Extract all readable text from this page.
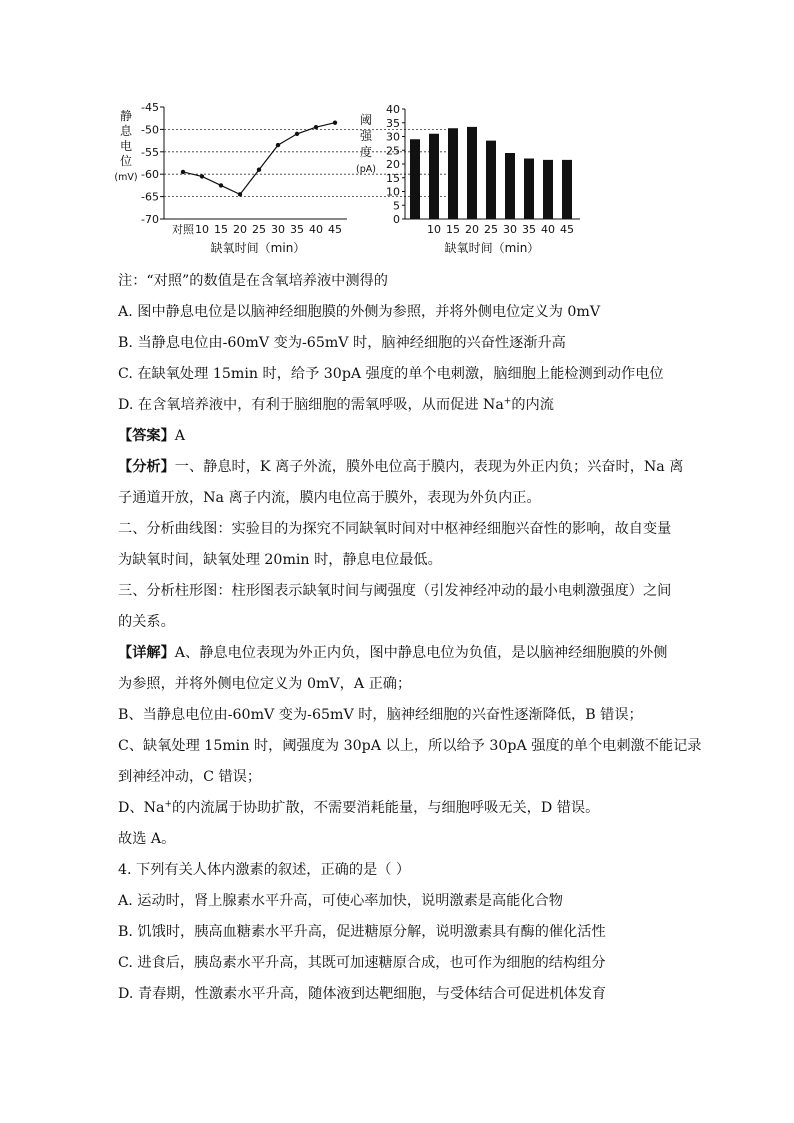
-45
-50
-55
-60
-65
-70
对照 10 15 20 25 30 35 40 45
静
息
电
位
(mV)
缺氧时间（min）
0
5
10
15
20
25
30
35
40
10 15 20 25 30 35 40 45
阈
强
度
(pA)
缺氧时间（min）
注：“对照”的数值是在含氧培养液中测得的
A. 图中静息电位是以脑神经细胞膜的外侧为参照，并将外侧电位定义为 0mV
B. 当静息电位由-60mV 变为-65mV 时，脑神经细胞的兴奋性逐渐升高
C. 在缺氧处理 15min 时，给予 30pA 强度的单个电刺激，脑细胞上能检测到动作电位
D. 在含氧培养液中，有利于脑细胞的需氧呼吸，从而促进 Na+的内流
【答案】A
【分析】一、静息时，K 离子外流，膜外电位高于膜内，表现为外正内负；兴奋时，Na 离
子通道开放，Na 离子内流，膜内电位高于膜外，表现为外负内正。
二、分析曲线图：实验目的为探究不同缺氧时间对中枢神经细胞兴奋性的影响，故自变量
为缺氧时间，缺氧处理 20min 时，静息电位最低。
三、分析柱形图：柱形图表示缺氧时间与阈强度（引发神经冲动的最小电刺激强度）之间
的关系。
【详解】A、静息电位表现为外正内负，图中静息电位为负值，是以脑神经细胞膜的外侧
为参照，并将外侧电位定义为 0mV，A 正确；
B、当静息电位由-60mV 变为-65mV 时，脑神经细胞的兴奋性逐渐降低，B 错误；
C、缺氧处理 15min 时，阈强度为 30pA 以上，所以给予 30pA 强度的单个电刺激不能记录
到神经冲动，C 错误；
D、Na+的内流属于协助扩散，不需要消耗能量，与细胞呼吸无关，D 错误。
故选 A。
4. 下列有关人体内激素的叙述，正确的是（ ）
A. 运动时，肾上腺素水平升高，可使心率加快，说明激素是高能化合物
B. 饥饿时，胰高血糖素水平升高，促进糖原分解，说明激素具有酶的催化活性
C. 进食后，胰岛素水平升高，其既可加速糖原合成，也可作为细胞的结构组分
D. 青春期，性激素水平升高，随体液到达靶细胞，与受体结合可促进机体发育
